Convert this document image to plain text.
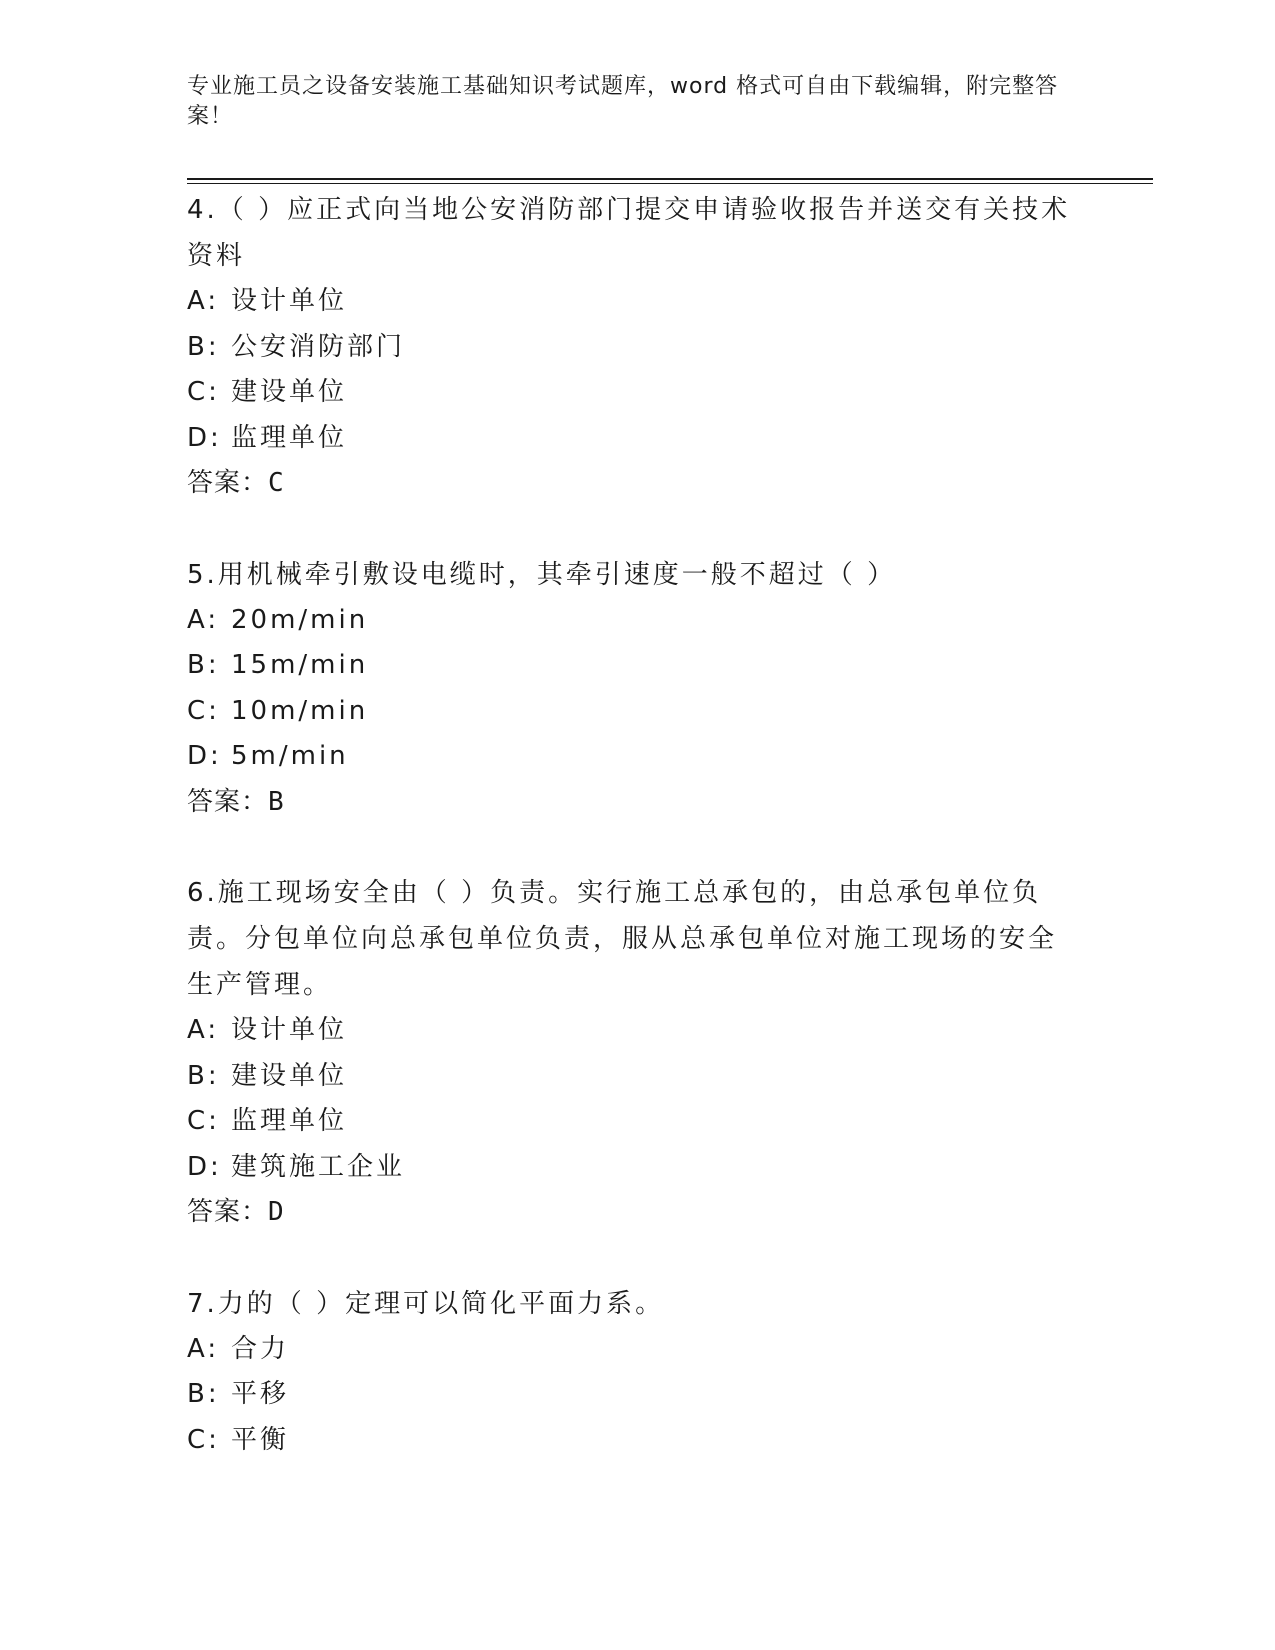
专业施工员之设备安装施工基础知识考试题库，word 格式可自由下载编辑，附完整答案！
4.（ ）应正式向当地公安消防部门提交申请验收报告并送交有关技术资料
A: 设计单位
B: 公安消防部门
C: 建设单位
D: 监理单位
答案：C
5.用机械牵引敷设电缆时，其牵引速度一般不超过（ ）
A: 20m/min
B: 15m/min
C: 10m/min
D: 5m/min
答案：B
6.施工现场安全由（ ）负责。实行施工总承包的，由总承包单位负责。分包单位向总承包单位负责，服从总承包单位对施工现场的安全生产管理。
A: 设计单位
B: 建设单位
C: 监理单位
D: 建筑施工企业
答案：D
7.力的（ ）定理可以简化平面力系。
A: 合力
B: 平移
C: 平衡
